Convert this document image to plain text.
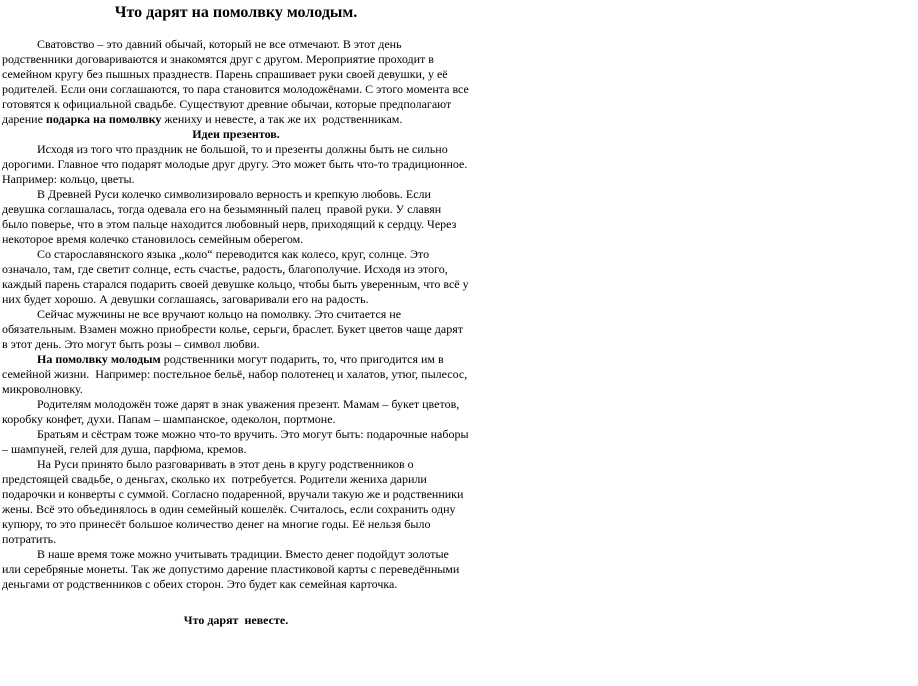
Что дарят на помолвку молодым.

Сватовство – это давний обычай, который не все отмечают. В этот день родственники договариваются и знакомятся друг с другом. Мероприятие проходит в семейном кругу без пышных празднеств. Парень спрашивает руки своей девушки, у её родителей. Если они соглашаются, то пара становится молодожёнами. С этого момента все готовятся к официальной свадьбе. Существуют древние обычаи, которые предполагают дарение подарка на помолвку жениху и невесте, а так же их  родственникам.

Идеи презентов.

Исходя из того что праздник не большой, то и презенты должны быть не сильно дорогими. Главное что подарят молодые друг другу. Это может быть что-то традиционное. Например: кольцо, цветы.

В Древней Руси колечко символизировало верность и крепкую любовь. Если девушка соглашалась, тогда одевала его на безымянный палец  правой руки. У славян было поверье, что в этом пальце находится любовный нерв, приходящий к сердцу. Через некоторое время колечко становилось семейным оберегом.

Со старославянского языка „коло“ переводится как колесо, круг, солнце. Это означало, там, где светит солнце, есть счастье, радость, благополучие. Исходя из этого, каждый парень старался подарить своей девушке кольцо, чтобы быть уверенным, что всё у них будет хорошо. А девушки соглашаясь, заговаривали его на радость.

Сейчас мужчины не все вручают кольцо на помолвку. Это считается не обязательным. Взамен можно приобрести колье, серьги, браслет. Букет цветов чаще дарят в этот день. Это могут быть розы – символ любви.

На помолвку молодым родственники могут подарить, то, что пригодится им в семейной жизни.  Например: постельное бельё, набор полотенец и халатов, утюг, пылесос, микроволновку.

Родителям молодожён тоже дарят в знак уважения презент. Мамам – букет цветов, коробку конфет, духи. Папам – шампанское, одеколон, портмоне.

Братьям и сёстрам тоже можно что-то вручить. Это могут быть: подарочные наборы – шампуней, гелей для душа, парфюма, кремов.

На Руси принято было разговаривать в этот день в кругу родственников о предстоящей свадьбе, о деньгах, сколько их  потребуется. Родители жениха дарили подарочки и конверты с суммой. Согласно подаренной, вручали такую же и родственники жены. Всё это объединялось в один семейный кошелёк. Считалось, если сохранить одну купюру, то это принесёт большое количество денег на многие годы. Её нельзя было потратить.

В наше время тоже можно учитывать традиции. Вместо денег подойдут золотые или серебряные монеты. Так же допустимо дарение пластиковой карты с переведёнными деньгами от родственников с обеих сторон. Это будет как семейная карточка.

Что дарят  невесте.
